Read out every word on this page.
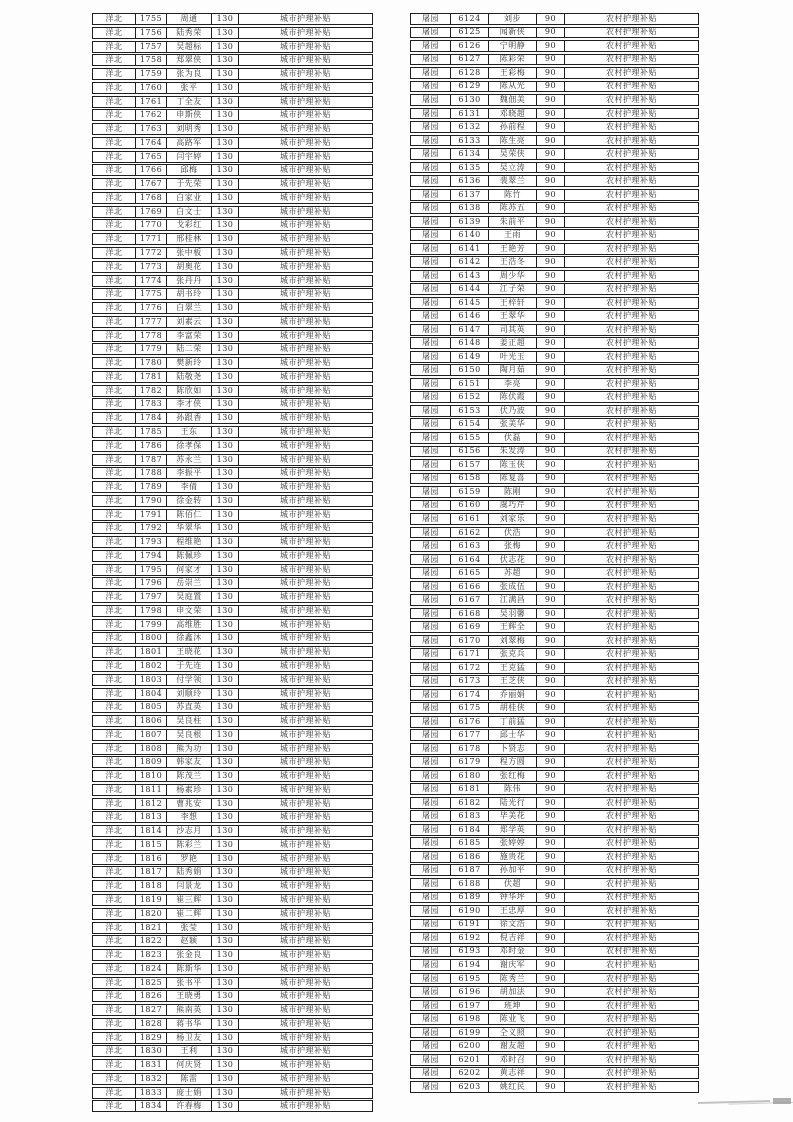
洋北	1755	周通	130	城市护理补贴
洋北	1756	陆秀荣	130	城市护理补贴
洋北	1757	吴超标	130	城市护理补贴
洋北	1758	郑翠侠	130	城市护理补贴
洋北	1759	张为良	130	城市护理补贴
洋北	1760	张平	130	城市护理补贴
洋北	1761	丁全友	130	城市护理补贴
洋北	1762	申斯侠	130	城市护理补贴
洋北	1763	刘明秀	130	城市护理补贴
洋北	1764	高路军	130	城市护理补贴
洋北	1765	闫宇婷	130	城市护理补贴
洋北	1766	邱梅	130	城市护理补贴
洋北	1767	于先荣	130	城市护理补贴
洋北	1768	白家业	130	城市护理补贴
洋北	1769	白文士	130	城市护理补贴
洋北	1770	戈彩红	130	城市护理补贴
洋北	1771	邢桂林	130	城市护理补贴
洋北	1772	张中板	130	城市护理补贴
洋北	1773	胡奥花	130	城市护理补贴
洋北	1774	张丹丹	130	城市护理补贴
洋北	1775	胡书玲	130	城市护理补贴
洋北	1776	白翠兰	130	城市护理补贴
洋北	1777	刘素云	130	城市护理补贴
洋北	1778	李富荣	130	城市护理补贴
洋北	1779	陆二荣	130	城市护理补贴
洋北	1780	樊新玲	130	城市护理补贴
洋北	1781	陆敬尧	130	城市护理补贴
洋北	1782	陈欣如	130	城市护理补贴
洋北	1783	李才侠	130	城市护理补贴
洋北	1784	孙跟香	130	城市护理补贴
洋北	1785	王东	130	城市护理补贴
洋北	1786	徐孝保	130	城市护理补贴
洋北	1787	苏永兰	130	城市护理补贴
洋北	1788	李振平	130	城市护理补贴
洋北	1789	李倩	130	城市护理补贴
洋北	1790	徐金转	130	城市护理补贴
洋北	1791	陈佰仁	130	城市护理补贴
洋北	1792	华翠华	130	城市护理补贴
洋北	1793	程维艳	130	城市护理补贴
洋北	1794	陈佩珍	130	城市护理补贴
洋北	1795	何家才	130	城市护理补贴
洋北	1796	岳崇兰	130	城市护理补贴
洋北	1797	吴庭置	130	城市护理补贴
洋北	1798	申文荣	130	城市护理补贴
洋北	1799	高维胜	130	城市护理补贴
洋北	1800	徐鑫沐	130	城市护理补贴
洋北	1801	王晓花	130	城市护理补贴
洋北	1802	于先连	130	城市护理补贴
洋北	1803	付学领	130	城市护理补贴
洋北	1804	刘顺玲	130	城市护理补贴
洋北	1805	苏直英	130	城市护理补贴
洋北	1806	吴良柱	130	城市护理补贴
洋北	1807	吴良根	130	城市护理补贴
洋北	1808	熊为功	130	城市护理补贴
洋北	1809	韩家友	130	城市护理补贴
洋北	1810	陈茂兰	130	城市护理补贴
洋北	1811	杨素珍	130	城市护理补贴
洋北	1812	曹兆安	130	城市护理补贴
洋北	1813	李想	130	城市护理补贴
洋北	1814	沙志月	130	城市护理补贴
洋北	1815	陈彩兰	130	城市护理补贴
洋北	1816	罗艳	130	城市护理补贴
洋北	1817	陆秀娟	130	城市护理补贴
洋北	1818	闫景龙	130	城市护理补贴
洋北	1819	崔三辉	130	城市护理补贴
洋北	1820	崔二辉	130	城市护理补贴
洋北	1821	张莹	130	城市护理补贴
洋北	1822	赵颖	130	城市护理补贴
洋北	1823	张金良	130	城市护理补贴
洋北	1824	陈斯华	130	城市护理补贴
洋北	1825	张书平	130	城市护理补贴
洋北	1826	王晓勇	130	城市护理补贴
洋北	1827	熊南英	130	城市护理补贴
洋北	1828	蒋书华	130	城市护理补贴
洋北	1829	杨卫友	130	城市护理补贴
洋北	1830	王利	130	城市护理补贴
洋北	1831	何庆贤	130	城市护理补贴
洋北	1832	陈雷	130	城市护理补贴
洋北	1833	庞士娟	130	城市护理补贴
洋北	1834	许春梅	130	城市护理补贴
屠园	6124	刘步	90	农村护理补贴
屠园	6125	闻新侠	90	农村护理补贴
屠园	6126	宁明静	90	农村护理补贴
屠园	6127	陈彩荣	90	农村护理补贴
屠园	6128	王彩梅	90	农村护理补贴
屠园	6129	陈从光	90	农村护理补贴
屠园	6130	魏佃美	90	农村护理补贴
屠园	6131	邓晓超	90	农村护理补贴
屠园	6132	孙前程	90	农村护理补贴
屠园	6133	陈生亮	90	农村护理补贴
屠园	6134	吴荣侠	90	农村护理补贴
屠园	6135	吴立涛	90	农村护理补贴
屠园	6136	裴翠兰	90	农村护理补贴
屠园	6137	陈竹	90	农村护理补贴
屠园	6138	陈苏五	90	农村护理补贴
屠园	6139	朱前平	90	农村护理补贴
屠园	6140	王雨	90	农村护理补贴
屠园	6141	王艳芳	90	农村护理补贴
屠园	6142	王浩冬	90	农村护理补贴
屠园	6143	周少华	90	农村护理补贴
屠园	6144	江子荣	90	农村护理补贴
屠园	6145	王梓轩	90	农村护理补贴
屠园	6146	王翠华	90	农村护理补贴
屠园	6147	司其英	90	农村护理补贴
屠园	6148	姜正超	90	农村护理补贴
屠园	6149	叶光玉	90	农村护理补贴
屠园	6150	陶月茹	90	农村护理补贴
屠园	6151	李亮	90	农村护理补贴
屠园	6152	陈伏霞	90	农村护理补贴
屠园	6153	伏乃波	90	农村护理补贴
屠园	6154	张美华	90	农村护理补贴
屠园	6155	伏磊	90	农村护理补贴
屠园	6156	朱发涛	90	农村护理补贴
屠园	6157	陈玉侠	90	农村护理补贴
屠园	6158	陈复喜	90	农村护理补贴
屠园	6159	陈刚	90	农村护理补贴
屠园	6160	虞巧芹	90	农村护理补贴
屠园	6161	刘家乐	90	农村护理补贴
屠园	6162	伏浩	90	农村护理补贴
屠园	6163	张梅	90	农村护理补贴
屠园	6164	伏志花	90	农村护理补贴
屠园	6165	苏超	90	农村护理补贴
屠园	6166	张成伍	90	农村护理补贴
屠园	6167	江满昌	90	农村护理补贴
屠园	6168	吴羽馨	90	农村护理补贴
屠园	6169	王辉全	90	农村护理补贴
屠园	6170	刘翠梅	90	农村护理补贴
屠园	6171	张克兵	90	农村护理补贴
屠园	6172	王克猛	90	农村护理补贴
屠园	6173	王芝侠	90	农村护理补贴
屠园	6174	乔丽娟	90	农村护理补贴
屠园	6175	胡桂侠	90	农村护理补贴
屠园	6176	丁前猛	90	农村护理补贴
屠园	6177	邱士华	90	农村护理补贴
屠园	6178	卜贤志	90	农村护理补贴
屠园	6179	程方圆	90	农村护理补贴
屠园	6180	张红梅	90	农村护理补贴
屠园	6181	陈伟	90	农村护理补贴
屠园	6182	陆光行	90	农村护理补贴
屠园	6183	毕美花	90	农村护理补贴
屠园	6184	郑学英	90	农村护理补贴
屠园	6185	张婷婷	90	农村护理补贴
屠园	6186	施贵花	90	农村护理补贴
屠园	6187	孙加平	90	农村护理补贴
屠园	6188	伏超	90	农村护理补贴
屠园	6189	钟华坪	90	农村护理补贴
屠园	6190	王忠厚	90	农村护理补贴
屠园	6191	徐文浩	90	农村护理补贴
屠园	6192	倪吉祥	90	农村护理补贴
屠园	6193	邓时金	90	农村护理补贴
屠园	6194	谢庆军	90	农村护理补贴
屠园	6195	陈秀兰	90	农村护理补贴
屠园	6196	胡加法	90	农村护理补贴
屠园	6197	班坤	90	农村护理补贴
屠园	6198	陈业飞	90	农村护理补贴
屠园	6199	仝义照	90	农村护理补贴
屠园	6200	谢友超	90	农村护理补贴
屠园	6201	邓时召	90	农村护理补贴
屠园	6202	黄志祥	90	农村护理补贴
屠园	6203	姚红民	90	农村护理补贴
